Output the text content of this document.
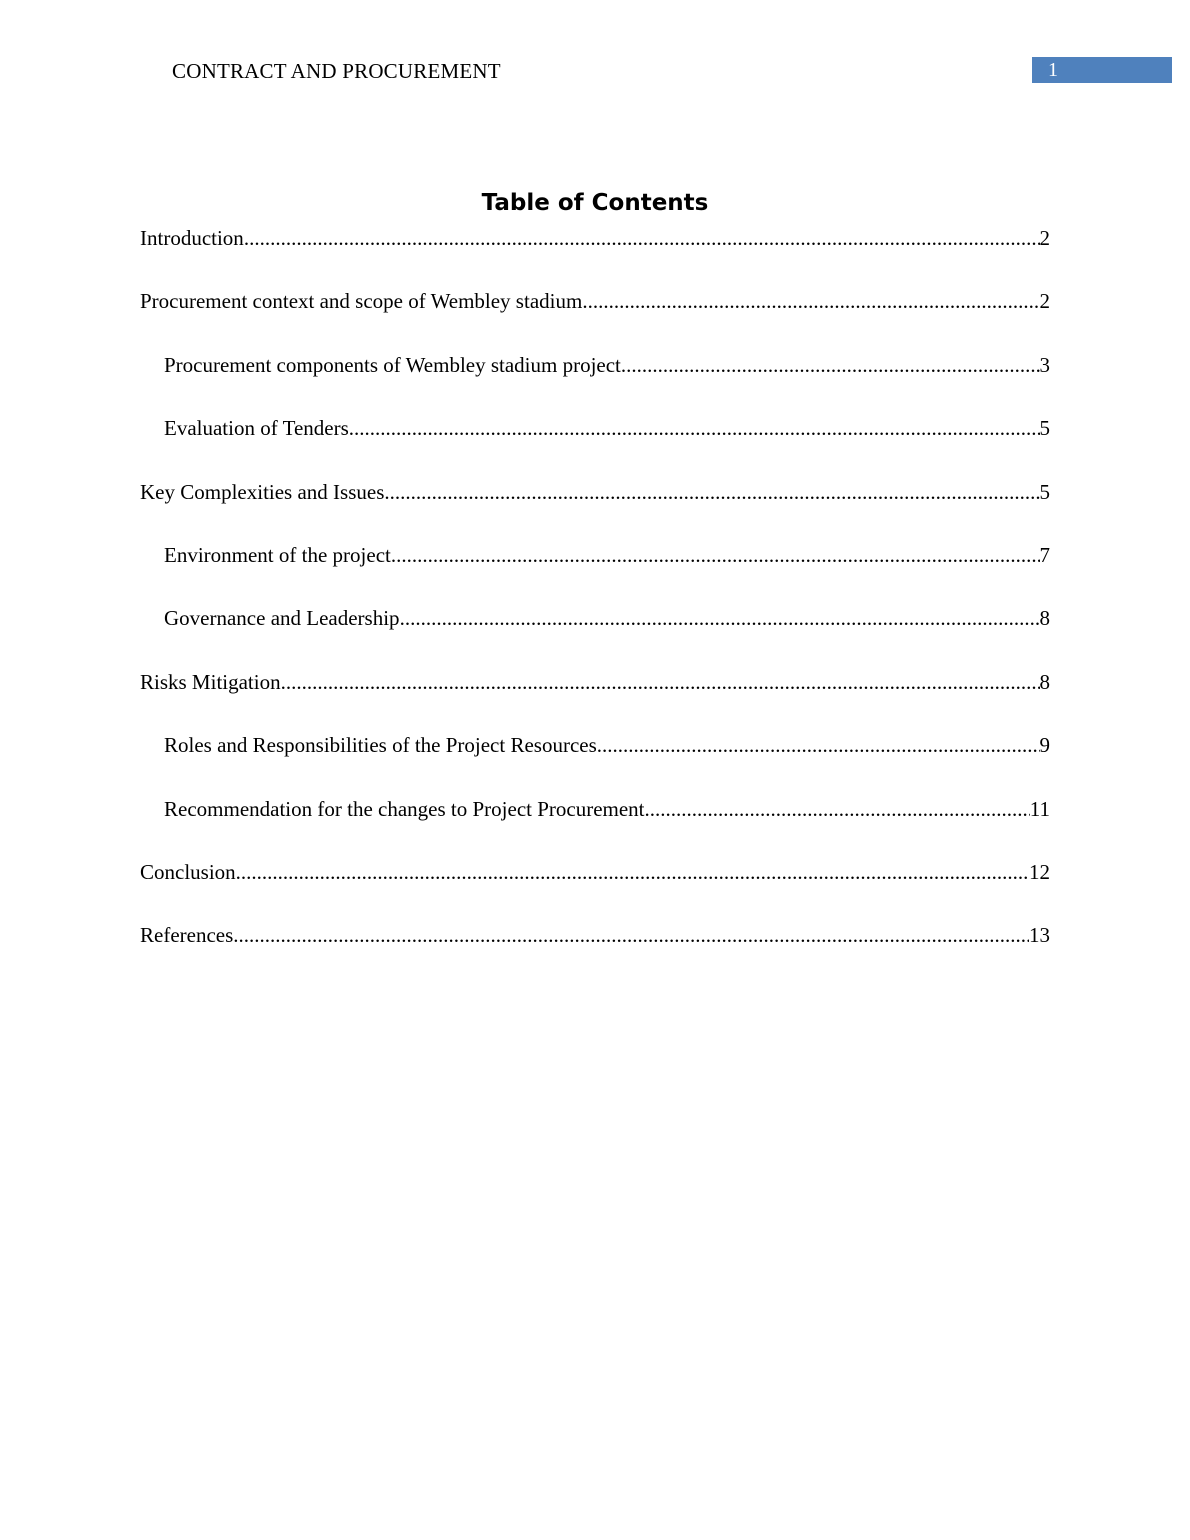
CONTRACT AND PROCUREMENT	1
Table of Contents
Introduction .....	2
Procurement context and scope of Wembley stadium .....	2
Procurement components of Wembley stadium project .....	3
Evaluation of Tenders .....	5
Key Complexities and Issues .....	5
Environment of the project .....	7
Governance and Leadership .....	8
Risks Mitigation .....	8
Roles and Responsibilities of the Project Resources .....	9
Recommendation for the changes to Project Procurement .....	11
Conclusion .....	12
References .....	13
